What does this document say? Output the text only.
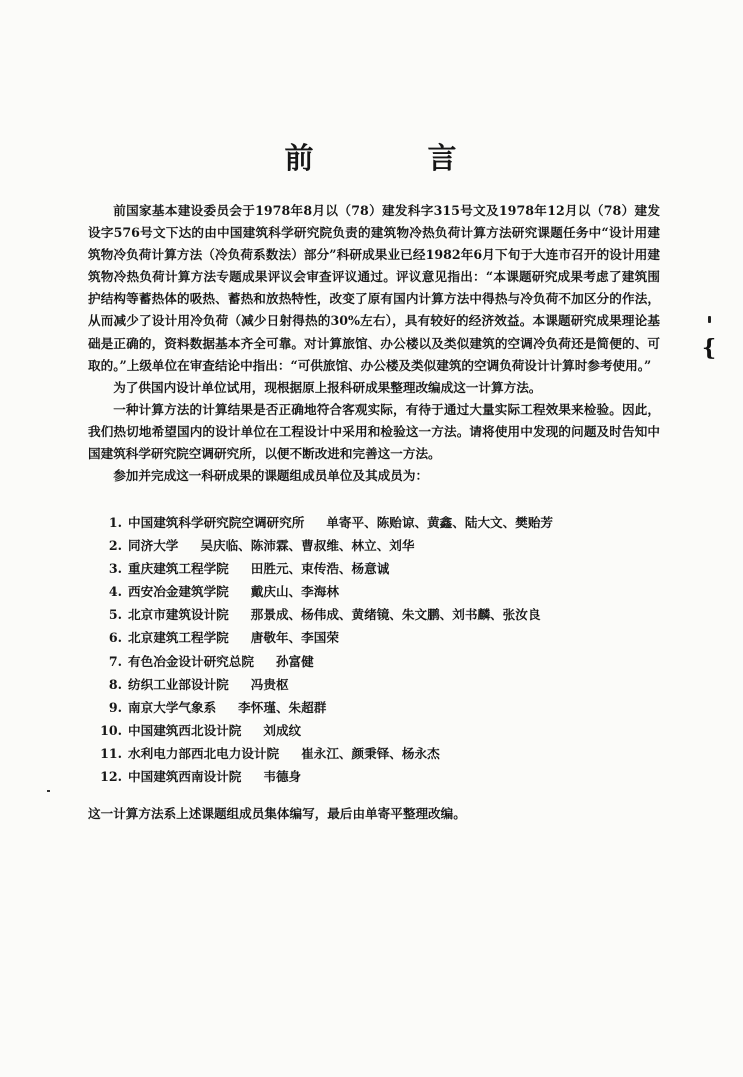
前	言

前国家基本建设委员会于1978年8月以（78）建发科字315号文及1978年12月以（78）建发设字576号文下达的由中国建筑科学研究院负责的建筑物冷热负荷计算方法研究课题任务中“设计用建筑物冷负荷计算方法（冷负荷系数法）部分”科研成果业已经1982年6月下旬于大连市召开的设计用建筑物冷热负荷计算方法专题成果评议会审查评议通过。评议意见指出：“本课题研究成果考虑了建筑围护结构等蓄热体的吸热、蓄热和放热特性，改变了原有国内计算方法中得热与冷负荷不加区分的作法，从而减少了设计用冷负荷（减少日射得热的30%左右），具有较好的经济效益。本课题研究成果理论基础是正确的，资料数据基本齐全可靠。对计算旅馆、办公楼以及类似建筑的空调冷负荷还是简便的、可取的。”上级单位在审查结论中指出：“可供旅馆、办公楼及类似建筑的空调负荷设计计算时参考使用。”

为了供国内设计单位试用，现根据原上报科研成果整理改编成这一计算方法。

一种计算方法的计算结果是否正确地符合客观实际，有待于通过大量实际工程效果来检验。因此，我们热切地希望国内的设计单位在工程设计中采用和检验这一方法。请将使用中发现的问题及时告知中国建筑科学研究院空调研究所，以便不断改进和完善这一方法。

参加并完成这一科研成果的课题组成员单位及其成员为：

1. 中国建筑科学研究院空调研究所 单寄平、陈贻谅、黄鑫、陆大文、樊贻芳
2. 同济大学 吴庆临、陈沛霖、曹叔维、林立、刘华
3. 重庆建筑工程学院 田胜元、束传浩、杨意诚
4. 西安冶金建筑学院 戴庆山、李海林
5. 北京市建筑设计院 那景成、杨伟成、黄绪镜、朱文鹏、刘书麟、张汝良
6. 北京建筑工程学院 唐敬年、李国荣
7. 有色冶金设计研究总院 孙富健
8. 纺织工业部设计院 冯贵枢
9. 南京大学气象系 李怀瑾、朱超群
10. 中国建筑西北设计院 刘成纹
11. 水利电力部西北电力设计院 崔永江、颜秉铎、杨永杰
12. 中国建筑西南设计院 韦德身
这一计算方法系上述课题组成员集体编写，最后由单寄平整理改编。
{
